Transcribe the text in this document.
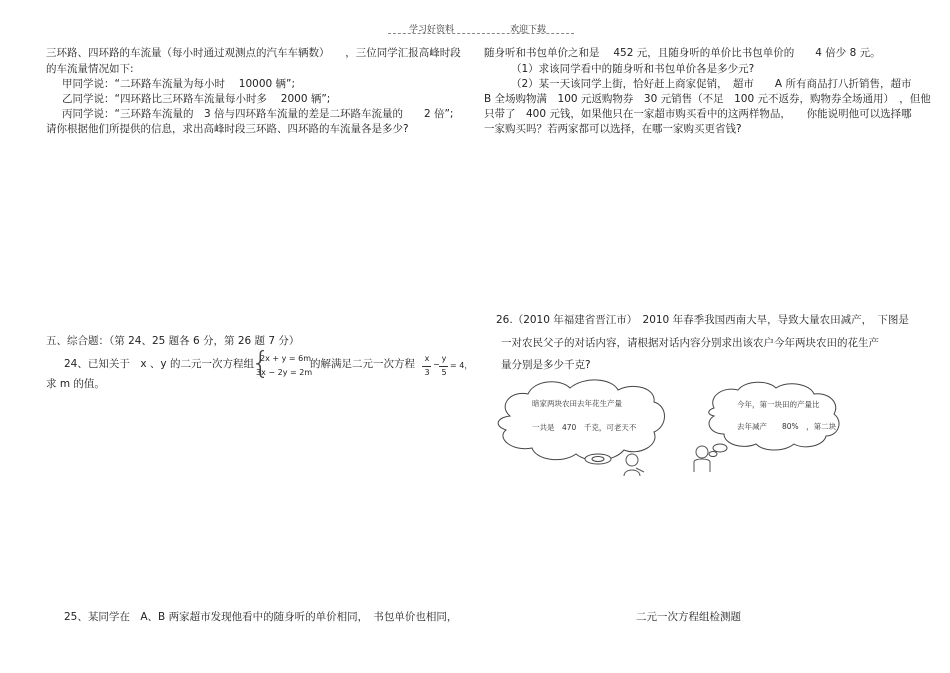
学习好资料	欢迎下载
三环路、四环路的车流量（每小时通过观测点的汽车车辆数）　　，三位同学汇报高峰时段
的车流量情况如下:
甲同学说：“二环路车流量为每小时　 10000 辆”;
乙同学说：“四环路比三环路车流量每小时多　 2000 辆”;
丙同学说：“三环路车流量的　3 倍与四环路车流量的差是二环路车流量的　　2 倍”;
请你根据他们所提供的信息，求出高峰时段三环路、四环路的车流量各是多少?
五、综合题：（第 24、25 题各 6 分，第 26 题 7 分）
24、已知关于　x 、y 的二元一次方程组
{
2x + y = 6m
3x − 2y = 2m
的解满足二元一次方程 x
3
−
y
5
= 4，
求 m 的值。
25、某同学在　A、B 两家超市发现他看中的随身听的单价相同，　书包单价也相同，
随身听和书包单价之和是　 452 元，且随身听的单价比书包单价的　　4 倍少 8 元。
（1）求该同学看中的随身听和书包单价各是多少元?
（2）某一天该同学上街，恰好赶上商家促销，　超市　　A 所有商品打八折销售，超市
B 全场购物满　100 元返购物券　30 元销售（不足　100 元不返券，购物券全场通用）　，但他
只带了　400 元钱，如果他只在一家超市购买看中的这两样物品，　　你能说明他可以选择哪
一家购买吗？若两家都可以选择，在哪一家购买更省钱?
26.（2010 年福建省晋江市）　2010 年春季我国西南大旱，导致大量农田减产，　下图是
一对农民父子的对话内容，请根据对话内容分别求出该农户今年两块农田的花生产
量分别是多少千克?
暗家两块农田去年花生产量
一共是　470　千克，可老天不
今年，第一块田的产量比
去年减产　　80%　，第二块
二元一次方程组检测题
